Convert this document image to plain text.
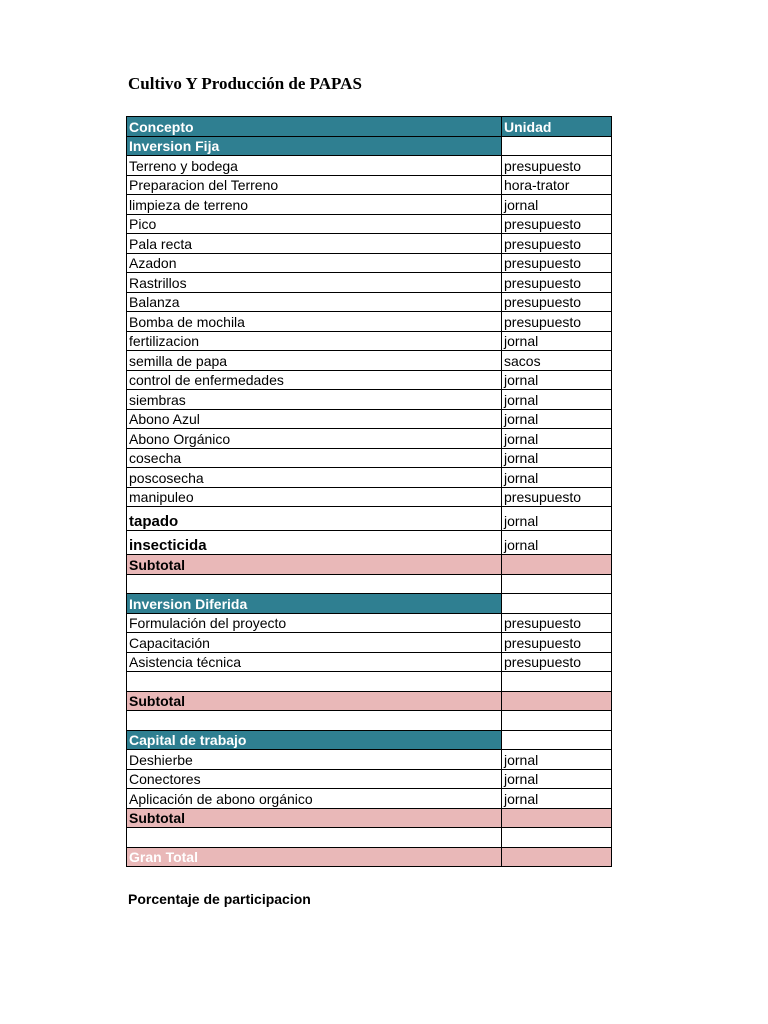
Cultivo Y Producción de PAPAS
Concepto	Unidad
Inversion Fija	
Terreno y bodega	presupuesto
Preparacion del Terreno	hora-trator
limpieza de terreno	jornal
Pico	presupuesto
Pala recta	presupuesto
Azadon	presupuesto
Rastrillos	presupuesto
Balanza	presupuesto
Bomba de mochila	presupuesto
fertilizacion	jornal
semilla de papa	sacos
control de enfermedades	jornal
siembras	jornal
Abono Azul	jornal
Abono Orgánico	jornal
cosecha	jornal
poscosecha	jornal
manipuleo	presupuesto
tapado	jornal
insecticida	jornal
Subtotal	

Inversion Diferida	
Formulación del proyecto	presupuesto
Capacitación	presupuesto
Asistencia técnica	presupuesto

Subtotal	

Capital de trabajo	
Deshierbe	jornal
Conectores	jornal
Aplicación de abono orgánico	jornal
Subtotal	

Gran Total	
Porcentaje de participacion
